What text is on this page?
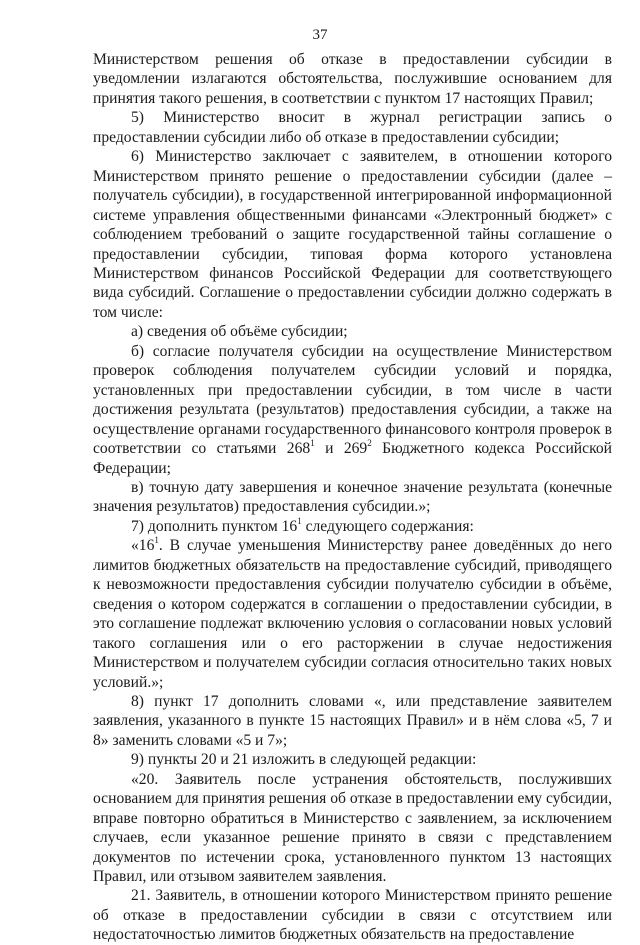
37

Министерством решения об отказе в предоставлении субсидии в уведомлении излагаются обстоятельства, послужившие основанием для принятия такого решения, в соответствии с пунктом 17 настоящих Правил;

5) Министерство вносит в журнал регистрации запись о предоставлении субсидии либо об отказе в предоставлении субсидии;

6) Министерство заключает с заявителем, в отношении которого Министерством принято решение о предоставлении субсидии (далее – получатель субсидии), в государственной интегрированной информационной системе управления общественными финансами «Электронный бюджет» с соблюдением требований о защите государственной тайны соглашение о предоставлении субсидии, типовая форма которого установлена Министерством финансов Российской Федерации для соответствующего вида субсидий. Соглашение о предоставлении субсидии должно содержать в том числе:

а) сведения об объёме субсидии;

б) согласие получателя субсидии на осуществление Министерством проверок соблюдения получателем субсидии условий и порядка, установленных при предоставлении субсидии, в том числе в части достижения результата (результатов) предоставления субсидии, а также на осуществление органами государственного финансового контроля проверок в соответствии со статьями $268^1$ и $269^2$ Бюджетного кодекса Российской Федерации;

в) точную дату завершения и конечное значение результата (конечные значения результатов) предоставления субсидии.»;

7) дополнить пунктом $16^1$ следующего содержания:

«$16^1$. В случае уменьшения Министерству ранее доведённых до него лимитов бюджетных обязательств на предоставление субсидий, приводящего к невозможности предоставления субсидии получателю субсидии в объёме, сведения о котором содержатся в соглашении о предоставлении субсидии, в это соглашение подлежат включению условия о согласовании новых условий такого соглашения или о его расторжении в случае недостижения Министерством и получателем субсидии согласия относительно таких новых условий.»;

8) пункт 17 дополнить словами «, или представление заявителем заявления, указанного в пункте 15 настоящих Правил» и в нём слова «5, 7 и 8» заменить словами «5 и 7»;

9) пункты 20 и 21 изложить в следующей редакции:

«20. Заявитель после устранения обстоятельств, послуживших основанием для принятия решения об отказе в предоставлении ему субсидии, вправе повторно обратиться в Министерство с заявлением, за исключением случаев, если указанное решение принято в связи с представлением документов по истечении срока, установленного пунктом 13 настоящих Правил, или отзывом заявителем заявления.

21. Заявитель, в отношении которого Министерством принято решение об отказе в предоставлении субсидии в связи с отсутствием или недостаточностью лимитов бюджетных обязательств на предоставление
